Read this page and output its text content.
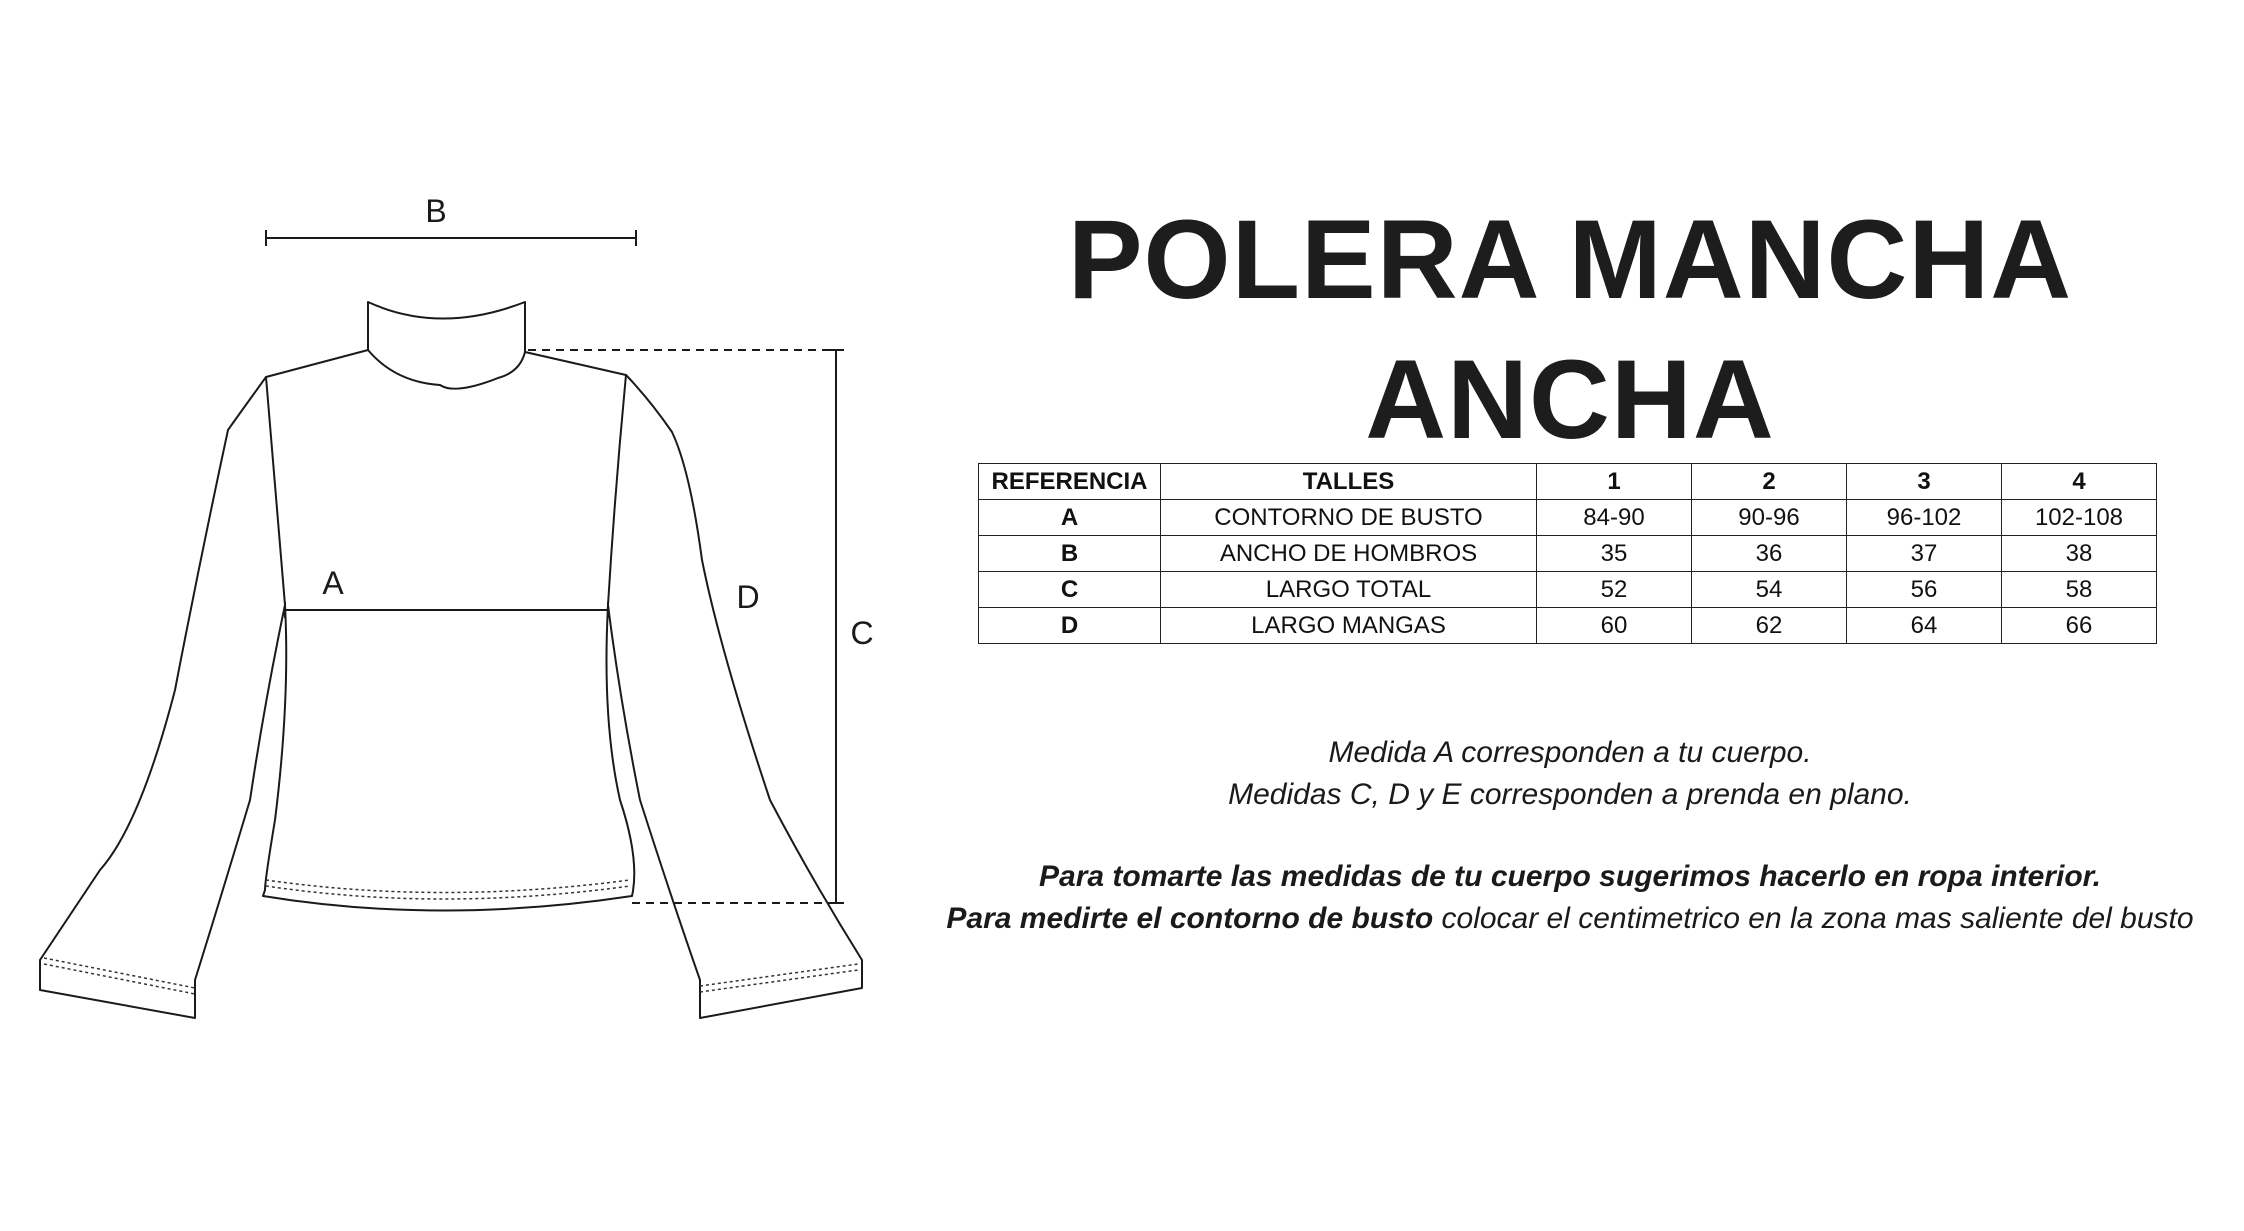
B
A
C
D
POLERA MANCHA ANCHA
REFERENCIA	TALLES	1	2	3	4
A	CONTORNO DE BUSTO	84-90	90-96	96-102	102-108
B	ANCHO DE HOMBROS	35	36	37	38
C	LARGO TOTAL	52	54	56	58
D	LARGO MANGAS	60	62	64	66

Medida A corresponden a tu cuerpo.

Medidas C, D y E corresponden a prenda en plano.

Para tomarte las medidas de tu cuerpo sugerimos hacerlo en ropa interior.

Para medirte el contorno de busto colocar el centimetrico en la zona mas saliente del busto
